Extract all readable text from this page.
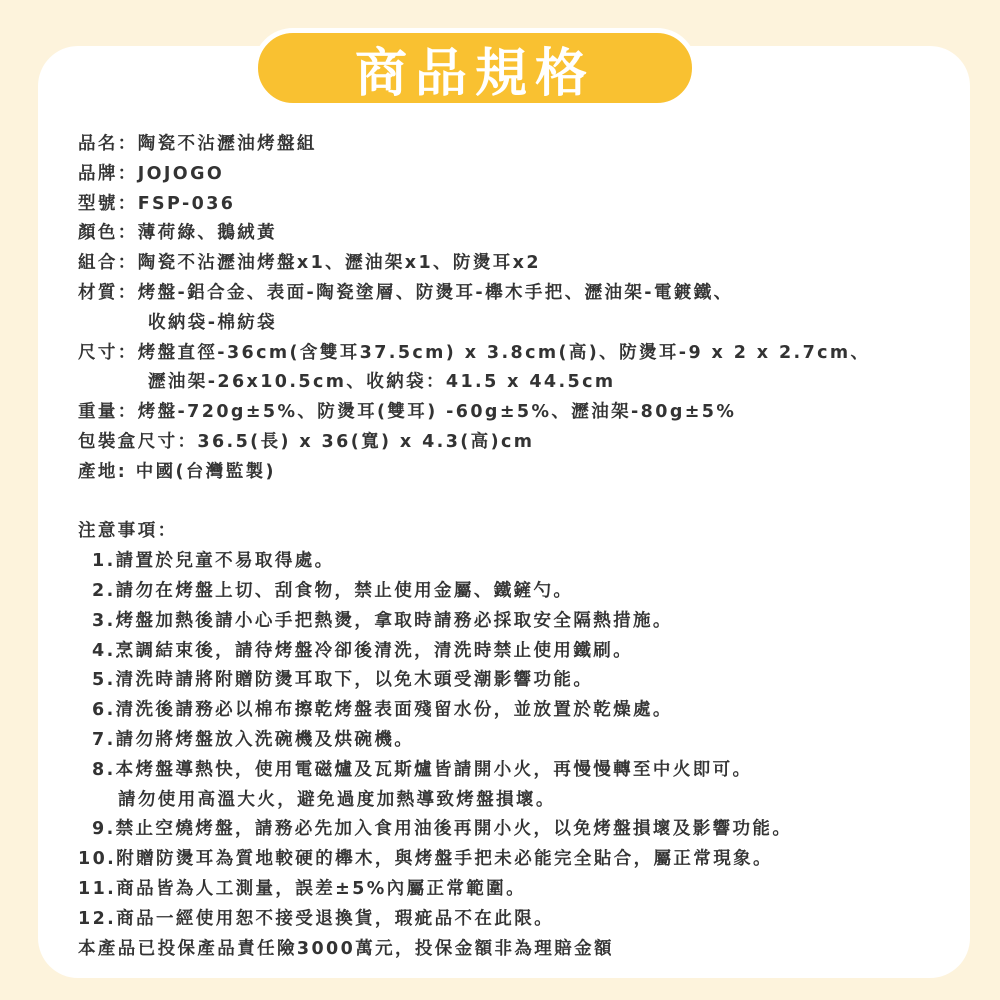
商品規格
品名：陶瓷不沾瀝油烤盤組
品牌：JOJOGO
型號：FSP-036
顏色：薄荷綠、鵝絨黃
組合：陶瓷不沾瀝油烤盤x1、瀝油架x1、防燙耳x2
材質：烤盤-鋁合金、表面-陶瓷塗層、防燙耳-櫸木手把、瀝油架-電鍍鐵、
收納袋-棉紡袋
尺寸：烤盤直徑-36cm(含雙耳37.5cm) x 3.8cm(高)、防燙耳-9 x 2 x 2.7cm、
瀝油架-26x10.5cm、收納袋：41.5 x 44.5cm
重量：烤盤-720g±5%、防燙耳(雙耳) -60g±5%、瀝油架-80g±5%
包裝盒尺寸：36.5(長) x 36(寬) x 4.3(高)cm
產地: 中國(台灣監製)
注意事項：
1.請置於兒童不易取得處。
2.請勿在烤盤上切、刮食物，禁止使用金屬、鐵鏟勺。
3.烤盤加熱後請小心手把熱燙，拿取時請務必採取安全隔熱措施。
4.烹調結束後，請待烤盤冷卻後清洗，清洗時禁止使用鐵刷。
5.清洗時請將附贈防燙耳取下，以免木頭受潮影響功能。
6.清洗後請務必以棉布擦乾烤盤表面殘留水份，並放置於乾燥處。
7.請勿將烤盤放入洗碗機及烘碗機。
8.本烤盤導熱快，使用電磁爐及瓦斯爐皆請開小火，再慢慢轉至中火即可。
請勿使用高溫大火，避免過度加熱導致烤盤損壞。
9.禁止空燒烤盤，請務必先加入食用油後再開小火，以免烤盤損壞及影響功能。
10.附贈防燙耳為質地較硬的櫸木，與烤盤手把未必能完全貼合，屬正常現象。
11.商品皆為人工測量，誤差±5%內屬正常範圍。
12.商品一經使用恕不接受退換貨，瑕疵品不在此限。
本產品已投保產品責任險3000萬元，投保金額非為理賠金額
